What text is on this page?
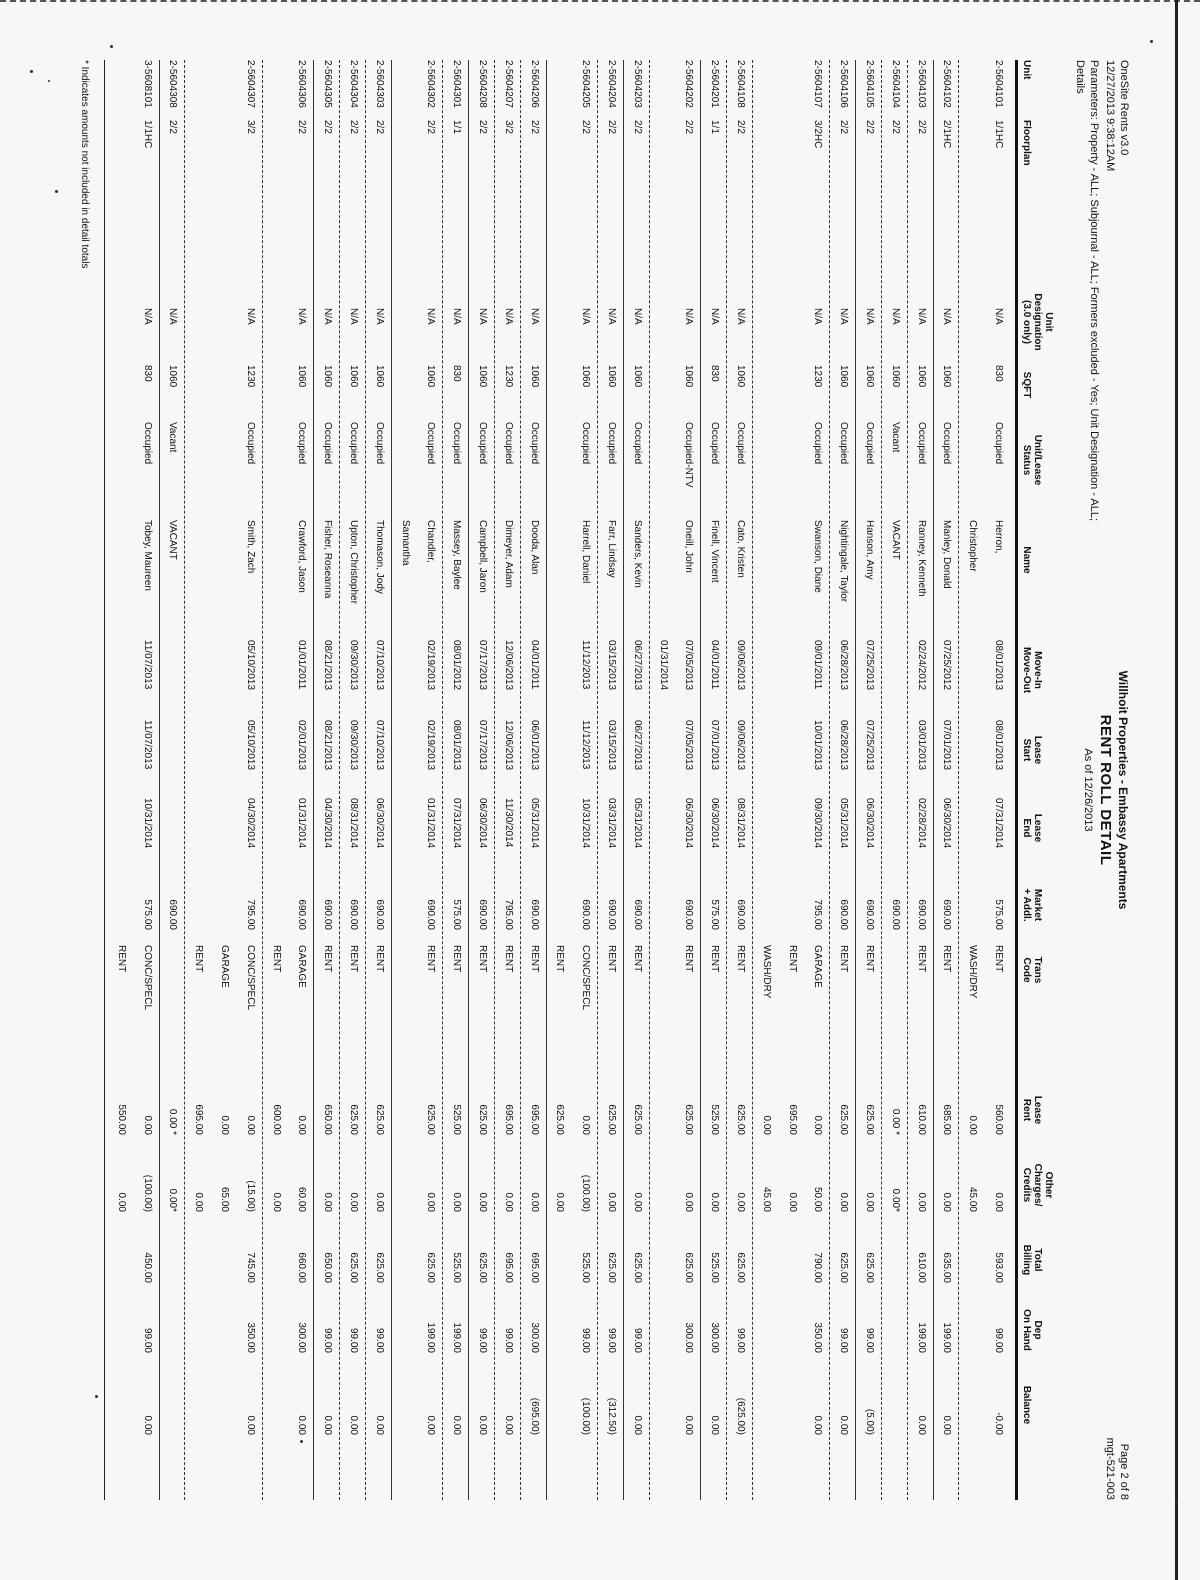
OneSite Rents v3.0
12/27/2013 9:38:12AM
Willhoit Properties - Embassy Apartments
RENT ROLL DETAIL
As of 12/26/2013
Page 2 of 8
mgt-521-003
Parameters: Property - ALL; Subjournal - ALL; Formers excluded - Yes; Unit Designation - ALL;
Details
Unit
Floorplan
Unit
Designation
(3.0 only)
SQFT
Unit/Lease
Status
Name
Move-In
Move-Out
Lease
Start
Lease
End
Market
+ Addl.
Trans
Code
Lease
Rent
Other
Charges/
Credits
Total
Billing
Dep
On Hand
Balance
2-5604101
1/1HC
N/A
830
Occupied
Herron,
08/01/2013
08/01/2013
07/31/2014
575.00
RENT
560.00
0.00
593.00
99.00
-0.00
Christopher
WASH/DRY
0.00
45.00
2-5604102
2/1HC
N/A
1060
Occupied
Manley, Donald
07/25/2012
07/01/2013
06/30/2014
690.00
RENT
685.00
0.00
635.00
199.00
0.00
2-5604103
2/2
N/A
1060
Occupied
Ranney, Kenneth
02/24/2012
03/01/2013
02/28/2014
690.00
RENT
610.00
0.00
610.00
199.00
0.00
2-5604104
2/2
N/A
1060
Vacant
VACANT
690.00
0.00 *
0.00*
2-5604105
2/2
N/A
1060
Occupied
Hanson, Amy
07/25/2013
07/25/2013
06/30/2014
690.00
RENT
625.00
0.00
625.00
99.00
(5.00)
2-5604106
2/2
N/A
1060
Occupied
Nightingale, Taylor
06/28/2013
06/28/2013
05/31/2014
690.00
RENT
625.00
0.00
625.00
99.00
0.00
2-5604107
3/2HC
N/A
1230
Occupied
Swanson, Diane
09/01/2011
10/01/2013
09/30/2014
795.00
GARAGE
0.00
50.00
790.00
350.00
0.00
RENT
695.00
0.00
WASH/DRY
0.00
45.00
2-5604108
2/2
N/A
1060
Occupied
Cato, Kristen
09/06/2013
09/06/2013
08/31/2014
690.00
RENT
625.00
0.00
625.00
99.00
(625.00)
2-5604201
1/1
N/A
830
Occupied
Finell, Vincent
04/01/2011
07/01/2013
06/30/2014
575.00
RENT
525.00
0.00
525.00
300.00
0.00
2-5604202
2/2
N/A
1060
Occupied-NTV
Oneill, John
07/05/2013
07/05/2013
06/30/2014
690.00
RENT
625.00
0.00
625.00
300.00
0.00
01/31/2014
2-5604203
2/2
N/A
1060
Occupied
Sanders, Kevin
06/27/2013
06/27/2013
05/31/2014
690.00
RENT
625.00
0.00
625.00
99.00
0.00
2-5604204
2/2
N/A
1060
Occupied
Farr, Lindsay
03/15/2013
03/15/2013
03/31/2014
690.00
RENT
625.00
0.00
625.00
99.00
(312.50)
2-5604205
2/2
N/A
1060
Occupied
Harrell, Daniel
11/12/2013
11/12/2013
10/31/2014
690.00
CONC/SPECL
0.00
(100.00)
525.00
99.00
(100.00)
RENT
625.00
0.00
2-5604206
2/2
N/A
1060
Occupied
Dooda, Alan
04/01/2011
06/01/2013
05/31/2014
690.00
RENT
695.00
0.00
695.00
300.00
(695.00)
2-5604207
3/2
N/A
1230
Occupied
Dimeyer, Adam
12/06/2013
12/06/2013
11/30/2014
795.00
RENT
695.00
0.00
695.00
99.00
0.00
2-5604208
2/2
N/A
1060
Occupied
Campbell, Jaron
07/17/2013
07/17/2013
06/30/2014
690.00
RENT
625.00
0.00
625.00
99.00
0.00
2-5604301
1/1
N/A
830
Occupied
Massey, Baylee
08/01/2012
08/01/2013
07/31/2014
575.00
RENT
525.00
0.00
525.00
199.00
0.00
2-5604302
2/2
N/A
1060
Occupied
Chandler,
02/19/2013
02/19/2013
01/31/2014
690.00
RENT
625.00
0.00
625.00
199.00
0.00
Samantha
2-5604303
2/2
N/A
1060
Occupied
Thomason, Jody
07/10/2013
07/10/2013
06/30/2014
690.00
RENT
625.00
0.00
625.00
99.00
0.00
2-5604304
2/2
N/A
1060
Occupied
Upton, Christopher
09/30/2013
09/30/2013
08/31/2014
690.00
RENT
625.00
0.00
625.00
99.00
0.00
2-5604305
2/2
N/A
1060
Occupied
Fisher, Roseanna
08/21/2013
08/21/2013
04/30/2014
690.00
RENT
650.00
0.00
650.00
99.00
0.00
2-5604306
2/2
N/A
1060
Occupied
Crawford, Jason
01/01/2011
02/01/2013
01/31/2014
690.00
GARAGE
0.00
60.00
660.00
300.00
0.00
RENT
600.00
0.00
2-5604307
3/2
N/A
1230
Occupied
Smith, Zach
05/10/2013
05/10/2013
04/30/2014
795.00
CONC/SPECL
0.00
(15.00)
745.00
350.00
0.00
GARAGE
0.00
65.00
RENT
695.00
0.00
2-5604308
2/2
N/A
1060
Vacant
VACANT
690.00
0.00 *
0.00*
3-5608101
1/1HC
N/A
830
Occupied
Tobey, Maureen
11/07/2013
11/07/2013
10/31/2014
575.00
CONC/SPECL
0.00
(100.00)
450.00
99.00
0.00
RENT
550.00
0.00
* Indicates amounts not included in detail totals
